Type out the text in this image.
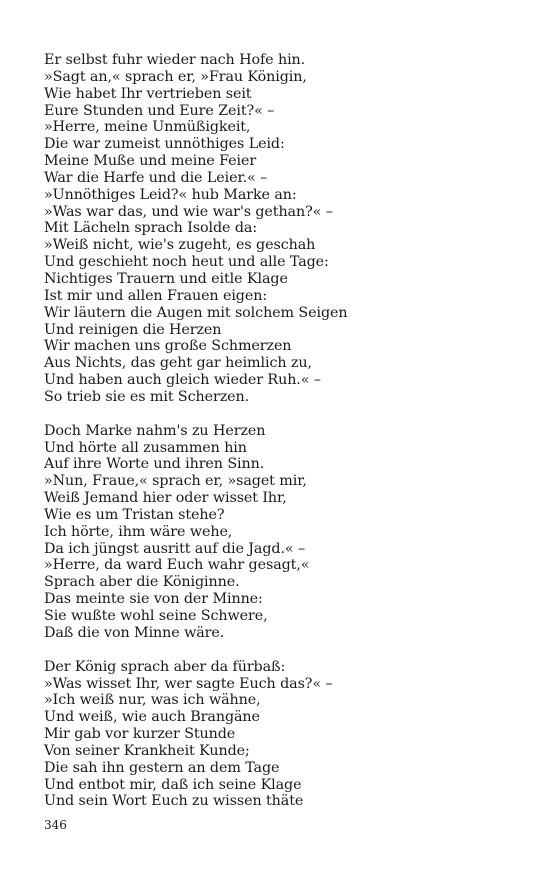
Er selbst fuhr wieder nach Hofe hin.
»Sagt an,« sprach er, »Frau Königin,
Wie habet Ihr vertrieben seit
Eure Stunden und Eure Zeit?« –
»Herre, meine Unmüßigkeit,
Die war zumeist unnöthiges Leid:
Meine Muße und meine Feier
War die Harfe und die Leier.« –
»Unnöthiges Leid?« hub Marke an:
»Was war das, und wie war's gethan?« –
Mit Lächeln sprach Isolde da:
»Weiß nicht, wie's zugeht, es geschah
Und geschieht noch heut und alle Tage:
Nichtiges Trauern und eitle Klage
Ist mir und allen Frauen eigen:
Wir läutern die Augen mit solchem Seigen
Und reinigen die Herzen
Wir machen uns große Schmerzen
Aus Nichts, das geht gar heimlich zu,
Und haben auch gleich wieder Ruh.« –
So trieb sie es mit Scherzen.
Doch Marke nahm's zu Herzen
Und hörte all zusammen hin
Auf ihre Worte und ihren Sinn.
»Nun, Fraue,« sprach er, »saget mir,
Weiß Jemand hier oder wisset Ihr,
Wie es um Tristan stehe?
Ich hörte, ihm wäre wehe,
Da ich jüngst ausritt auf die Jagd.« –
»Herre, da ward Euch wahr gesagt,«
Sprach aber die Königinne.
Das meinte sie von der Minne:
Sie wußte wohl seine Schwere,
Daß die von Minne wäre.
Der König sprach aber da fürbaß:
»Was wisset Ihr, wer sagte Euch das?« –
»Ich weiß nur, was ich wähne,
Und weiß, wie auch Brangäne
Mir gab vor kurzer Stunde
Von seiner Krankheit Kunde;
Die sah ihn gestern an dem Tage
Und entbot mir, daß ich seine Klage
Und sein Wort Euch zu wissen thäte
346
